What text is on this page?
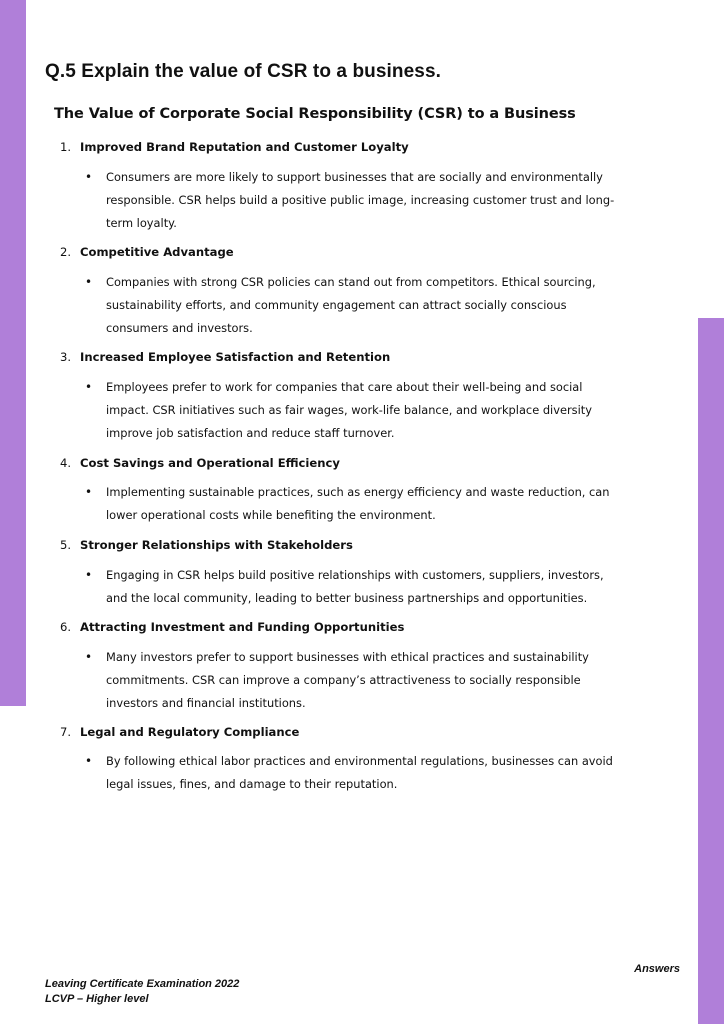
Q.5 Explain the value of CSR to a business.
The Value of Corporate Social Responsibility (CSR) to a Business
1. Improved Brand Reputation and Customer Loyalty
• Consumers are more likely to support businesses that are socially and environmentally
responsible. CSR helps build a positive public image, increasing customer trust and long-
term loyalty.
2. Competitive Advantage
• Companies with strong CSR policies can stand out from competitors. Ethical sourcing,
sustainability efforts, and community engagement can attract socially conscious
consumers and investors.
3. Increased Employee Satisfaction and Retention
• Employees prefer to work for companies that care about their well-being and social
impact. CSR initiatives such as fair wages, work-life balance, and workplace diversity
improve job satisfaction and reduce staff turnover.
4. Cost Savings and Operational Efficiency
• Implementing sustainable practices, such as energy efficiency and waste reduction, can
lower operational costs while benefiting the environment.
5. Stronger Relationships with Stakeholders
• Engaging in CSR helps build positive relationships with customers, suppliers, investors,
and the local community, leading to better business partnerships and opportunities.
6. Attracting Investment and Funding Opportunities
• Many investors prefer to support businesses with ethical practices and sustainability
commitments. CSR can improve a company’s attractiveness to socially responsible
investors and financial institutions.
7. Legal and Regulatory Compliance
• By following ethical labor practices and environmental regulations, businesses can avoid
legal issues, fines, and damage to their reputation.
Answers
Leaving Certificate Examination 2022
LCVP – Higher level
